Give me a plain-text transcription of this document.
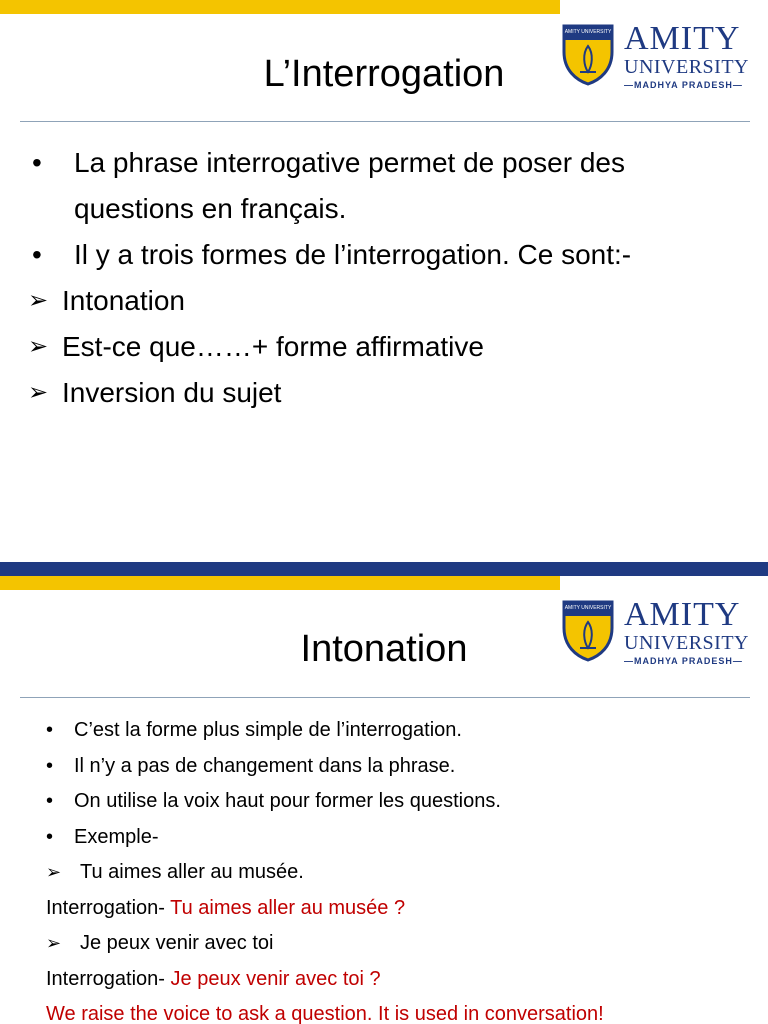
AMITY UNIVERSITY AMITY
UNIVERSITY
—MADHYA PRADESH—
L’Interrogation
• La phrase interrogative permet de poser des questions en français.
• Il y a trois formes de l’interrogation. Ce sont:-
➢ Intonation
➢ Est-ce que……+ forme affirmative
➢ Inversion du sujet
AMITY UNIVERSITY AMITY
UNIVERSITY
—MADHYA PRADESH—
Intonation
• C’est la forme plus simple de l’interrogation.
• Il n’y a pas de changement dans la phrase.
• On utilise la voix haut pour former les questions.
• Exemple-
➢ Tu aimes aller au musée.
Interrogation- Tu aimes aller au musée ?
➢ Je peux venir avec toi
Interrogation- Je peux venir avec toi ?
We raise the voice to ask a question. It is used in conversation!
